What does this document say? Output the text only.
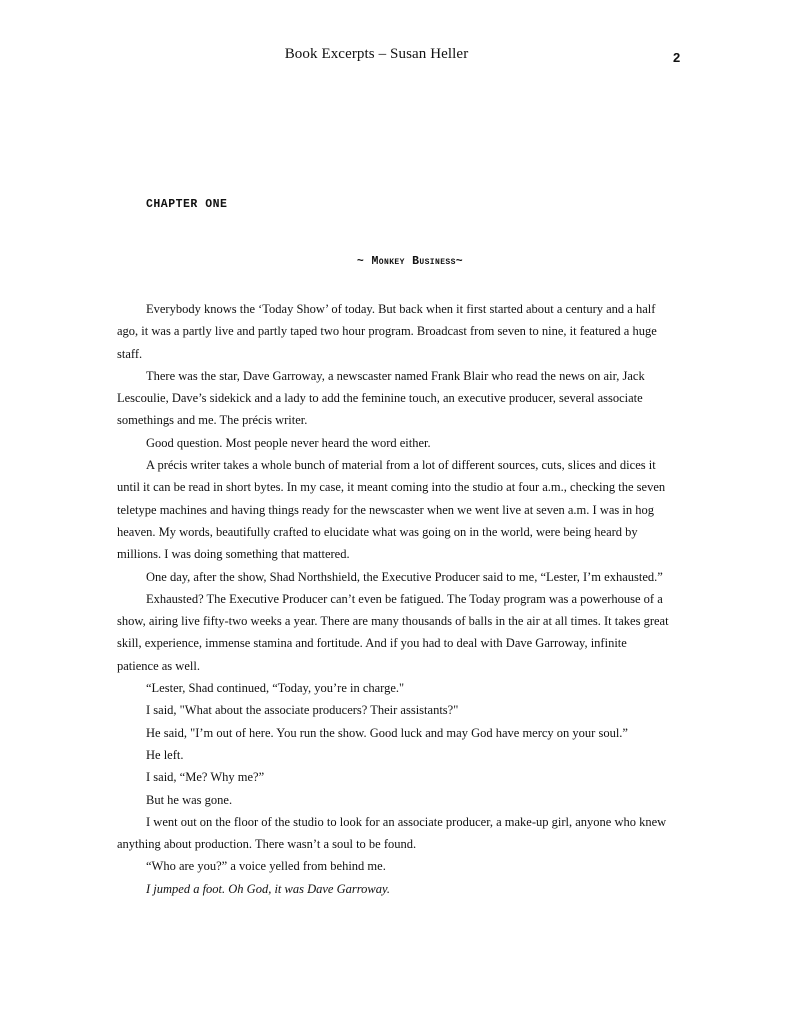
Book Excerpts – Susan Heller	2
CHAPTER ONE
~ Monkey Business~

Everybody knows the ‘Today Show’ of today. But back when it first started about a century and a half ago, it was a partly live and partly taped two hour program. Broadcast from seven to nine, it featured a huge staff.

There was the star, Dave Garroway, a newscaster named Frank Blair who read the news on air, Jack Lescoulie, Dave’s sidekick and a lady to add the feminine touch, an executive producer, several associate somethings and me. The précis writer.

Good question. Most people never heard the word either.

A précis writer takes a whole bunch of material from a lot of different sources, cuts, slices and dices it until it can be read in short bytes. In my case, it meant coming into the studio at four a.m., checking the seven teletype machines and having things ready for the newscaster when we went live at seven a.m. I was in hog heaven. My words, beautifully crafted to elucidate what was going on in the world, were being heard by millions. I was doing something that mattered.

One day, after the show, Shad Northshield, the Executive Producer said to me, “Lester, I’m exhausted.”

Exhausted? The Executive Producer can’t even be fatigued. The Today program was a powerhouse of a show, airing live fifty-two weeks a year. There are many thousands of balls in the air at all times. It takes great skill, experience, immense stamina and fortitude. And if you had to deal with Dave Garroway, infinite patience as well.

“Lester, Shad continued, “Today, you’re in charge."

I said, "What about the associate producers? Their assistants?"

He said, "I’m out of here. You run the show. Good luck and may God have mercy on your soul.”

He left.

I said, “Me? Why me?”

But he was gone.

I went out on the floor of the studio to look for an associate producer, a make-up girl, anyone who knew anything about production. There wasn’t a soul to be found.

“Who are you?” a voice yelled from behind me.

I jumped a foot. Oh God, it was Dave Garroway.
